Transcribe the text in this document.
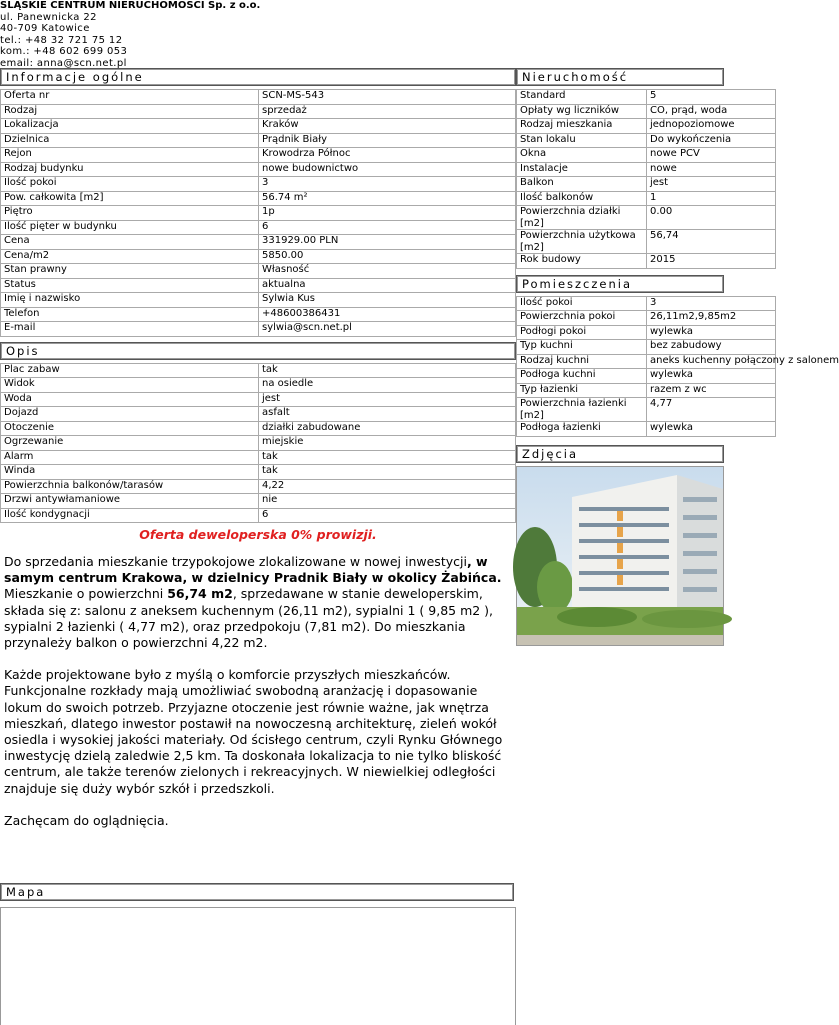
ŚLĄSKIE CENTRUM NIERUCHOMOŚCI Sp. z o.o.
ul. Panewnicka 22
40-709 Katowice
tel.: +48 32 721 75 12
kom.: +48 602 699 053
email: anna@scn.net.pl
Informacje ogólne
Oferta nr	SCN-MS-543
Rodzaj	sprzedaż
Lokalizacja	Kraków
Dzielnica	Prądnik Biały
Rejon	Krowodrza Północ
Rodzaj budynku	nowe budownictwo
Ilość pokoi	3
Pow. całkowita [m2]	56.74 m²
Piętro	1p
Ilość pięter w budynku	6
Cena	331929.00 PLN
Cena/m2	5850.00
Stan prawny	Własność
Status	aktualna
Imię i nazwisko	Sylwia Kus
Telefon	+48600386431
E-mail	sylwia@scn.net.pl
Opis
Plac zabaw	tak
Widok	na osiedle
Woda	jest
Dojazd	asfalt
Otoczenie	działki zabudowane
Ogrzewanie	miejskie
Alarm	tak
Winda	tak
Powierzchnia balkonów/tarasów	4,22
Drzwi antywłamaniowe	nie
Ilość kondygnacji	6
Oferta deweloperska 0% prowizji.

Do sprzedania mieszkanie trzypokojowe zlokalizowane w nowej inwestycji, w samym centrum Krakowa, w dzielnicy Pradnik Biały w okolicy Żabińca. Mieszkanie o powierzchni 56,74 m2, sprzedawane w stanie deweloperskim, składa się z: salonu z aneksem kuchennym (26,11 m2), sypialni 1 ( 9,85 m2 ), sypialni 2 łazienki ( 4,77 m2), oraz przedpokoju (7,81 m2). Do mieszkania przynależy balkon o powierzchni 4,22 m2.

Każde projektowane było z myślą o komforcie przyszłych mieszkańców. Funkcjonalne rozkłady mają umożliwiać swobodną aranżację i dopasowanie lokum do swoich potrzeb. Przyjazne otoczenie jest równie ważne, jak wnętrza mieszkań, dlatego inwestor postawił na nowoczesną architekturę, zieleń wokół osiedla i wysokiej jakości materiały. Od ścisłego centrum, czyli Rynku Głównego inwestycję dzielą zaledwie 2,5 km. Ta doskonała lokalizacja to nie tylko bliskość centrum, ale także terenów zielonych i rekreacyjnych. W niewielkiej odległości znajduje się duży wybór szkół i przedszkoli.

Zachęcam do oglądnięcia.

Mapa
Nieruchomość
Standard	5
Opłaty wg liczników	CO, prąd, woda
Rodzaj mieszkania	jednopoziomowe
Stan lokalu	Do wykończenia
Okna	nowe PCV
Instalacje	nowe
Balkon	jest
Ilość balkonów	1
Powierzchnia działki [m2]	0.00
Powierzchnia użytkowa [m2]	56,74
Rok budowy	2015
Pomieszczenia
Ilość pokoi	3
Powierzchnia pokoi	26,11m2,9,85m2
Podłogi pokoi	wylewka
Typ kuchni	bez zabudowy
Rodzaj kuchni	aneks kuchenny połączony z salonem
Podłoga kuchni	wylewka
Typ łazienki	razem z wc
Powierzchnia łazienki [m2]	4,77
Podłoga łazienki	wylewka
Zdjęcia
